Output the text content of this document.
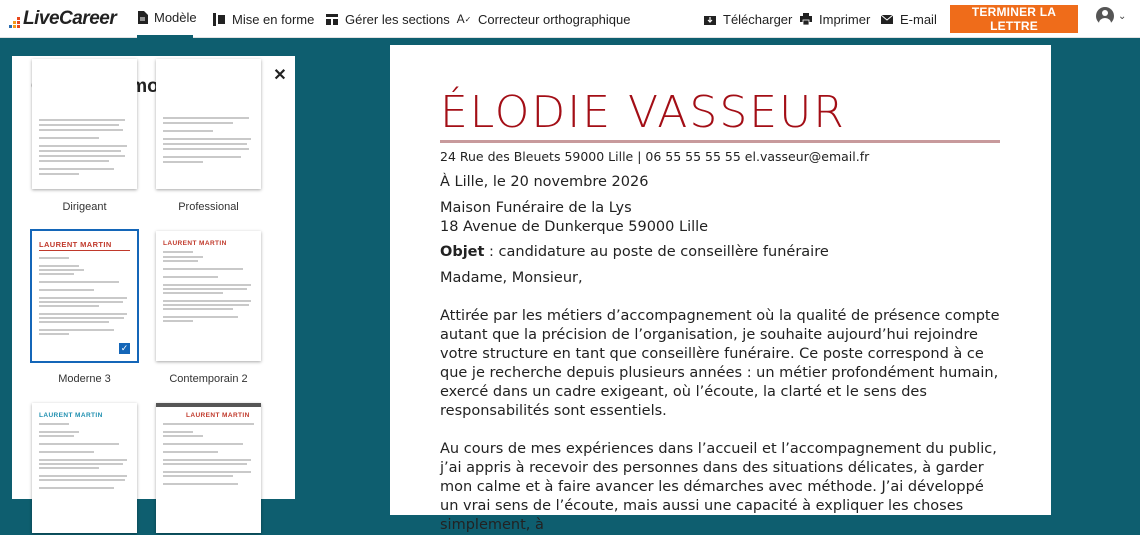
LiveCareer	Modèle	Mise en forme Gérer les sections A ✓ Correcteur orthographique	Télécharger Imprimer E-mail	TERMINER LA LETTRE
⌄
✕
Dirigeant	Professional
LAURENT MARTIN
✓
Moderne 3
LAURENT MARTIN
Contemporain 2
LAURENT MARTIN	LAURENT MARTIN
ÉLODIE VASSEUR
24 Rue des Bleuets 59000 Lille | 06 55 55 55 55 el.vasseur@email.fr
À Lille, le 20 novembre 2026
Maison Funéraire de la Lys
18 Avenue de Dunkerque 59000 Lille
Objet : candidature au poste de conseillère funéraire
Madame, Monsieur,
Attirée par les métiers d’accompagnement où la qualité de présence compte autant que la précision de l’organisation, je souhaite aujourd’hui rejoindre votre structure en tant que conseillère funéraire. Ce poste correspond à ce que je recherche depuis plusieurs années : un métier profondément humain, exercé dans un cadre exigeant, où l’écoute, la clarté et le sens des responsabilités sont essentiels.
Au cours de mes expériences dans l’accueil et l’accompagnement du public, j’ai appris à recevoir des personnes dans des situations délicates, à garder mon calme et à faire avancer les démarches avec méthode. J’ai développé un vrai sens de l’écoute, mais aussi une capacité à expliquer les choses simplement, à
